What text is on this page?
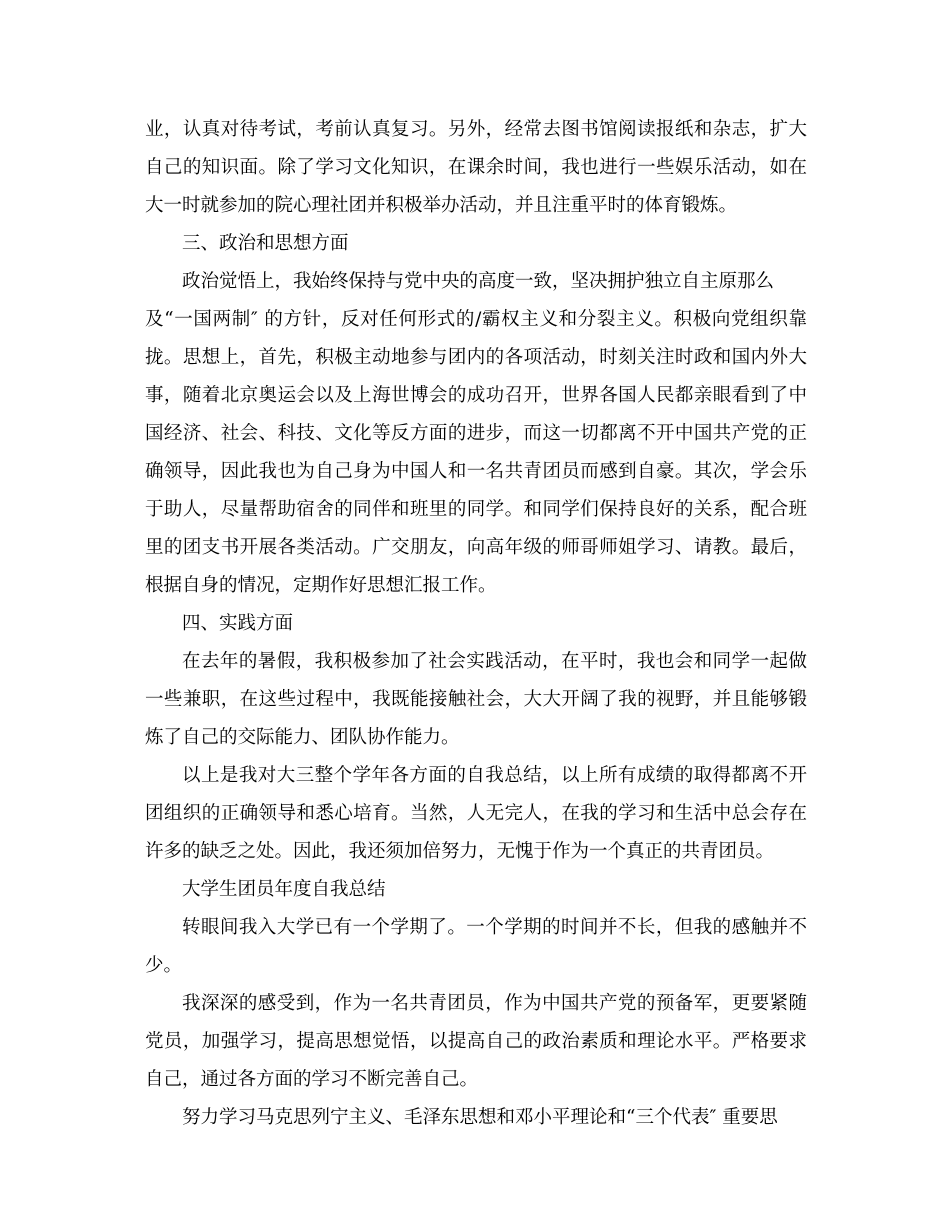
业，认真对待考试，考前认真复习。另外，经常去图书馆阅读报纸和杂志，扩大
自己的知识面。除了学习文化知识，在课余时间，我也进行一些娱乐活动，如在
大一时就参加的院心理社团并积极举办活动，并且注重平时的体育锻炼。
三、政治和思想方面
政治觉悟上，我始终保持与党中央的高度一致，坚决拥护独立自主原那么
及“一国两制″ 的方针，反对任何形式的/霸权主义和分裂主义。积极向党组织靠
拢。思想上，首先，积极主动地参与团内的各项活动，时刻关注时政和国内外大
事，随着北京奥运会以及上海世博会的成功召开，世界各国人民都亲眼看到了中
国经济、社会、科技、文化等反方面的进步，而这一切都离不开中国共产党的正
确领导，因此我也为自己身为中国人和一名共青团员而感到自豪。其次，学会乐
于助人，尽量帮助宿舍的同伴和班里的同学。和同学们保持良好的关系，配合班
里的团支书开展各类活动。广交朋友，向高年级的师哥师姐学习、请教。最后，
根据自身的情况，定期作好思想汇报工作。
四、实践方面
在去年的暑假，我积极参加了社会实践活动，在平时，我也会和同学一起做
一些兼职，在这些过程中，我既能接触社会，大大开阔了我的视野，并且能够锻
炼了自己的交际能力、团队协作能力。
以上是我对大三整个学年各方面的自我总结，以上所有成绩的取得都离不开
团组织的正确领导和悉心培育。当然，人无完人，在我的学习和生活中总会存在
许多的缺乏之处。因此，我还须加倍努力，无愧于作为一个真正的共青团员。
大学生团员年度自我总结
转眼间我入大学已有一个学期了。一个学期的时间并不长，但我的感触并不
少。
我深深的感受到，作为一名共青团员，作为中国共产党的预备军，更要紧随
党员，加强学习，提高思想觉悟，以提高自己的政治素质和理论水平。严格要求
自己，通过各方面的学习不断完善自己。
努力学习马克思列宁主义、毛泽东思想和邓小平理论和“三个代表″ 重要思
